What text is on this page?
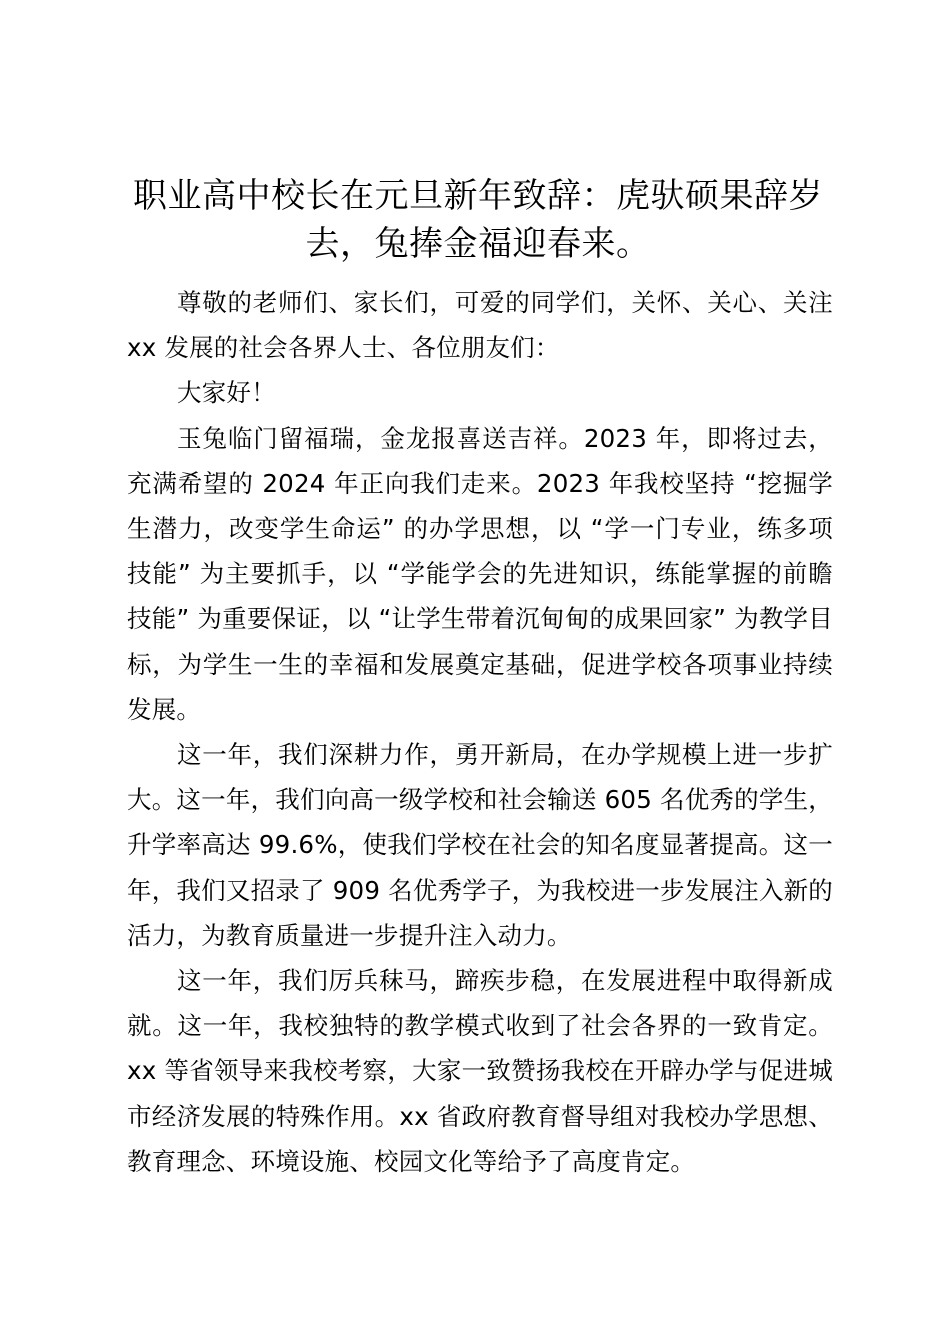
职业高中校长在元旦新年致辞：虎驮硕果辞岁去，兔捧金福迎春来。

尊敬的老师们、家长们，可爱的同学们，关怀、关心、关注 xx 发展的社会各界人士、各位朋友们：

大家好！

玉兔临门留福瑞，金龙报喜送吉祥。2023 年，即将过去，充满希望的 2024 年正向我们走来。2023 年我校坚持 “挖掘学生潜力，改变学生命运” 的办学思想，以 “学一门专业，练多项技能” 为主要抓手，以 “学能学会的先进知识，练能掌握的前瞻技能” 为重要保证，以 “让学生带着沉甸甸的成果回家” 为教学目标，为学生一生的幸福和发展奠定基础，促进学校各项事业持续发展。

这一年，我们深耕力作，勇开新局，在办学规模上进一步扩大。这一年，我们向高一级学校和社会输送 605 名优秀的学生，升学率高达 99.6%，使我们学校在社会的知名度显著提高。这一年，我们又招录了 909 名优秀学子，为我校进一步发展注入新的活力，为教育质量进一步提升注入动力。

这一年，我们厉兵秣马，蹄疾步稳，在发展进程中取得新成就。这一年，我校独特的教学模式收到了社会各界的一致肯定。xx 等省领导来我校考察，大家一致赞扬我校在开辟办学与促进城市经济发展的特殊作用。xx 省政府教育督导组对我校办学思想、教育理念、环境设施、校园文化等给予了高度肯定。
